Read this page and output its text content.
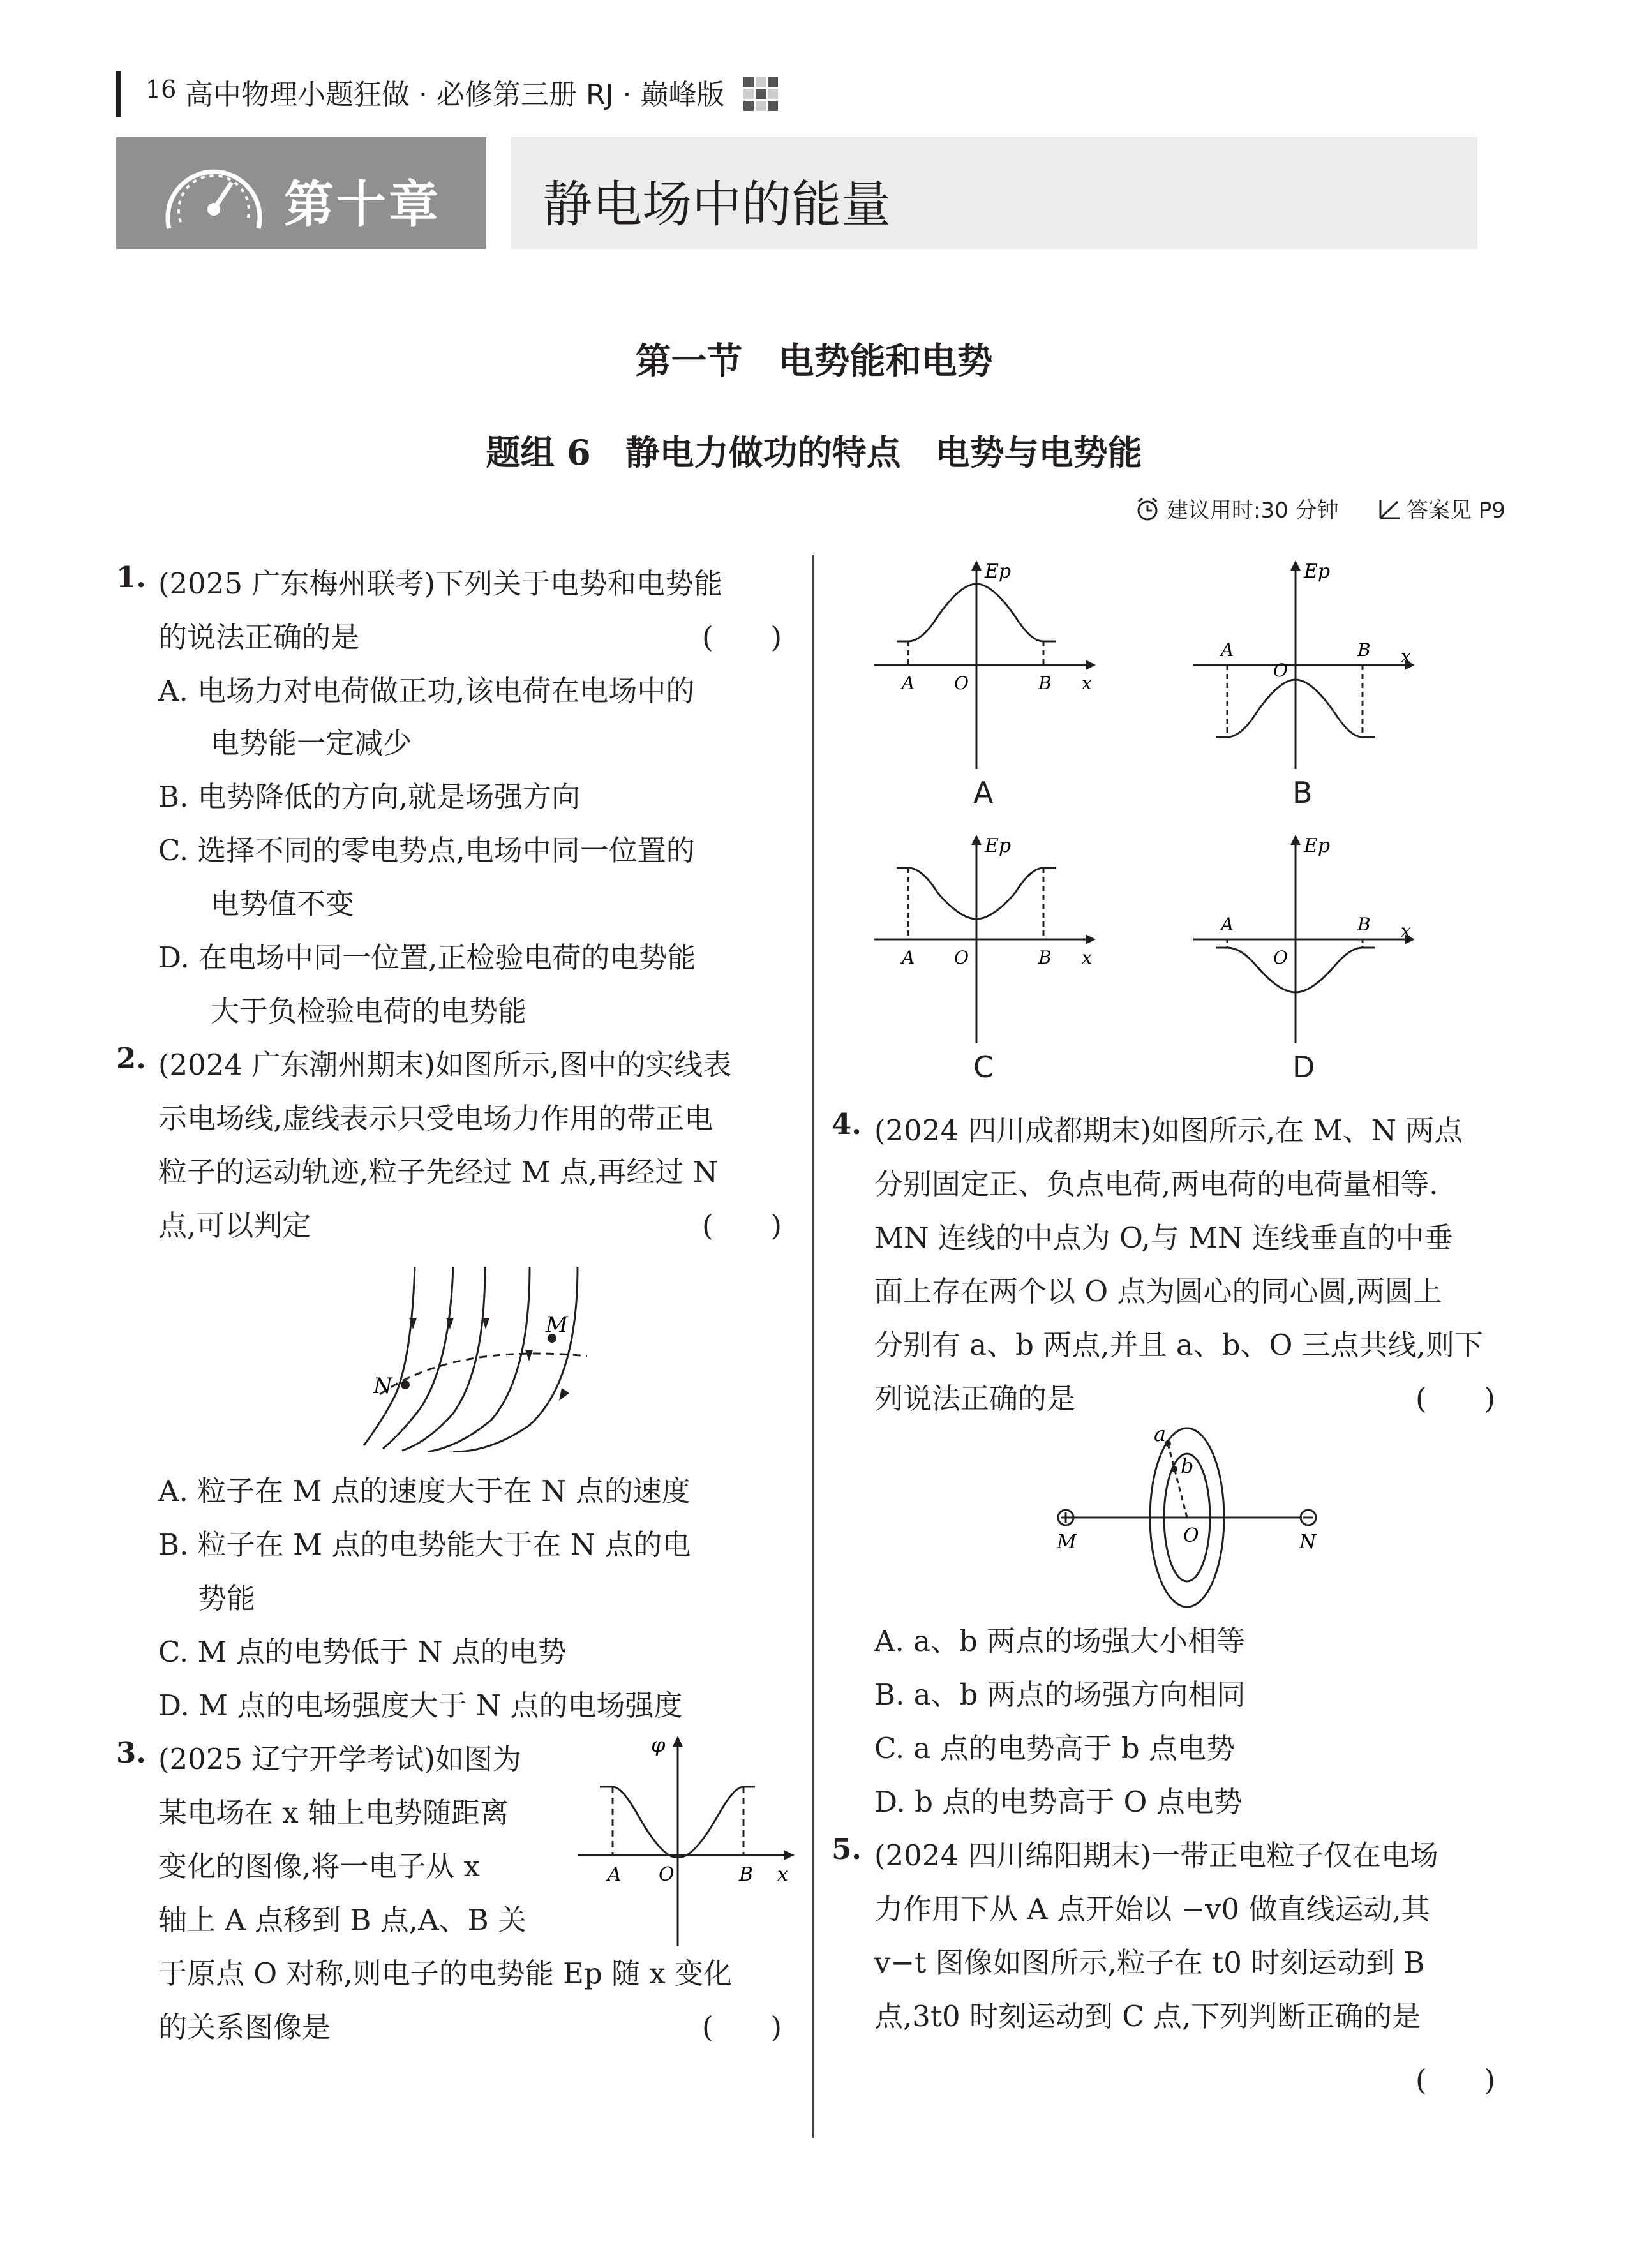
16 高中物理小题狂做 · 必修第三册 RJ · 巅峰版
第十章 静电场中的能量
第一节　电势能和电势
题组 6　静电力做功的特点　电势与电势能
建议用时:30 分钟	答案见 P9
1. (2025 广东梅州联考)下列关于电势和电势能
的说法正确的是	(　　)
A. 电场力对电荷做正功,该电荷在电场中的
电势能一定减少
B. 电势降低的方向,就是场强方向
C. 选择不同的零电势点,电场中同一位置的
电势值不变
D. 在电场中同一位置,正检验电荷的电势能
大于负检验电荷的电势能
2. (2024 广东潮州期末)如图所示,图中的实线表
示电场线,虚线表示只受电场力作用的带正电
粒子的运动轨迹,粒子先经过 M 点,再经过 N
点,可以判定	(　　)
M
N
A. 粒子在 M 点的速度大于在 N 点的速度
B. 粒子在 M 点的电势能大于在 N 点的电
势能
C. M 点的电势低于 N 点的电势
D. M 点的电场强度大于 N 点的电场强度
3. (2025 辽宁开学考试)如图为
某电场在 x 轴上电势随距离
变化的图像,将一电子从 x
轴上 A 点移到 B 点,A、B 关
于原点 O 对称,则电子的电势能 Ep 随 x 变化
的关系图像是	(　　)
φ
x
A O	B
Ep
x
A O	B
A
Ep
x
A
O
B
B
Ep
x
A O	B
C
Ep
x
A
O
B
D
4. (2024 四川成都期末)如图所示,在 M、N 两点
分别固定正、负点电荷,两电荷的电荷量相等.
MN 连线的中点为 O,与 MN 连线垂直的中垂
面上存在两个以 O 点为圆心的同心圆,两圆上
分别有 a、b 两点,并且 a、b、O 三点共线,则下
列说法正确的是	(　　)
a
b
O
M	N
A. a、b 两点的场强大小相等
B. a、b 两点的场强方向相同
C. a 点的电势高于 b 点电势
D. b 点的电势高于 O 点电势
5. (2024 四川绵阳期末)一带正电粒子仅在电场
力作用下从 A 点开始以 −v0 做直线运动,其
v−t 图像如图所示,粒子在 t0 时刻运动到 B
点,3t0 时刻运动到 C 点,下列判断正确的是
(　　)
